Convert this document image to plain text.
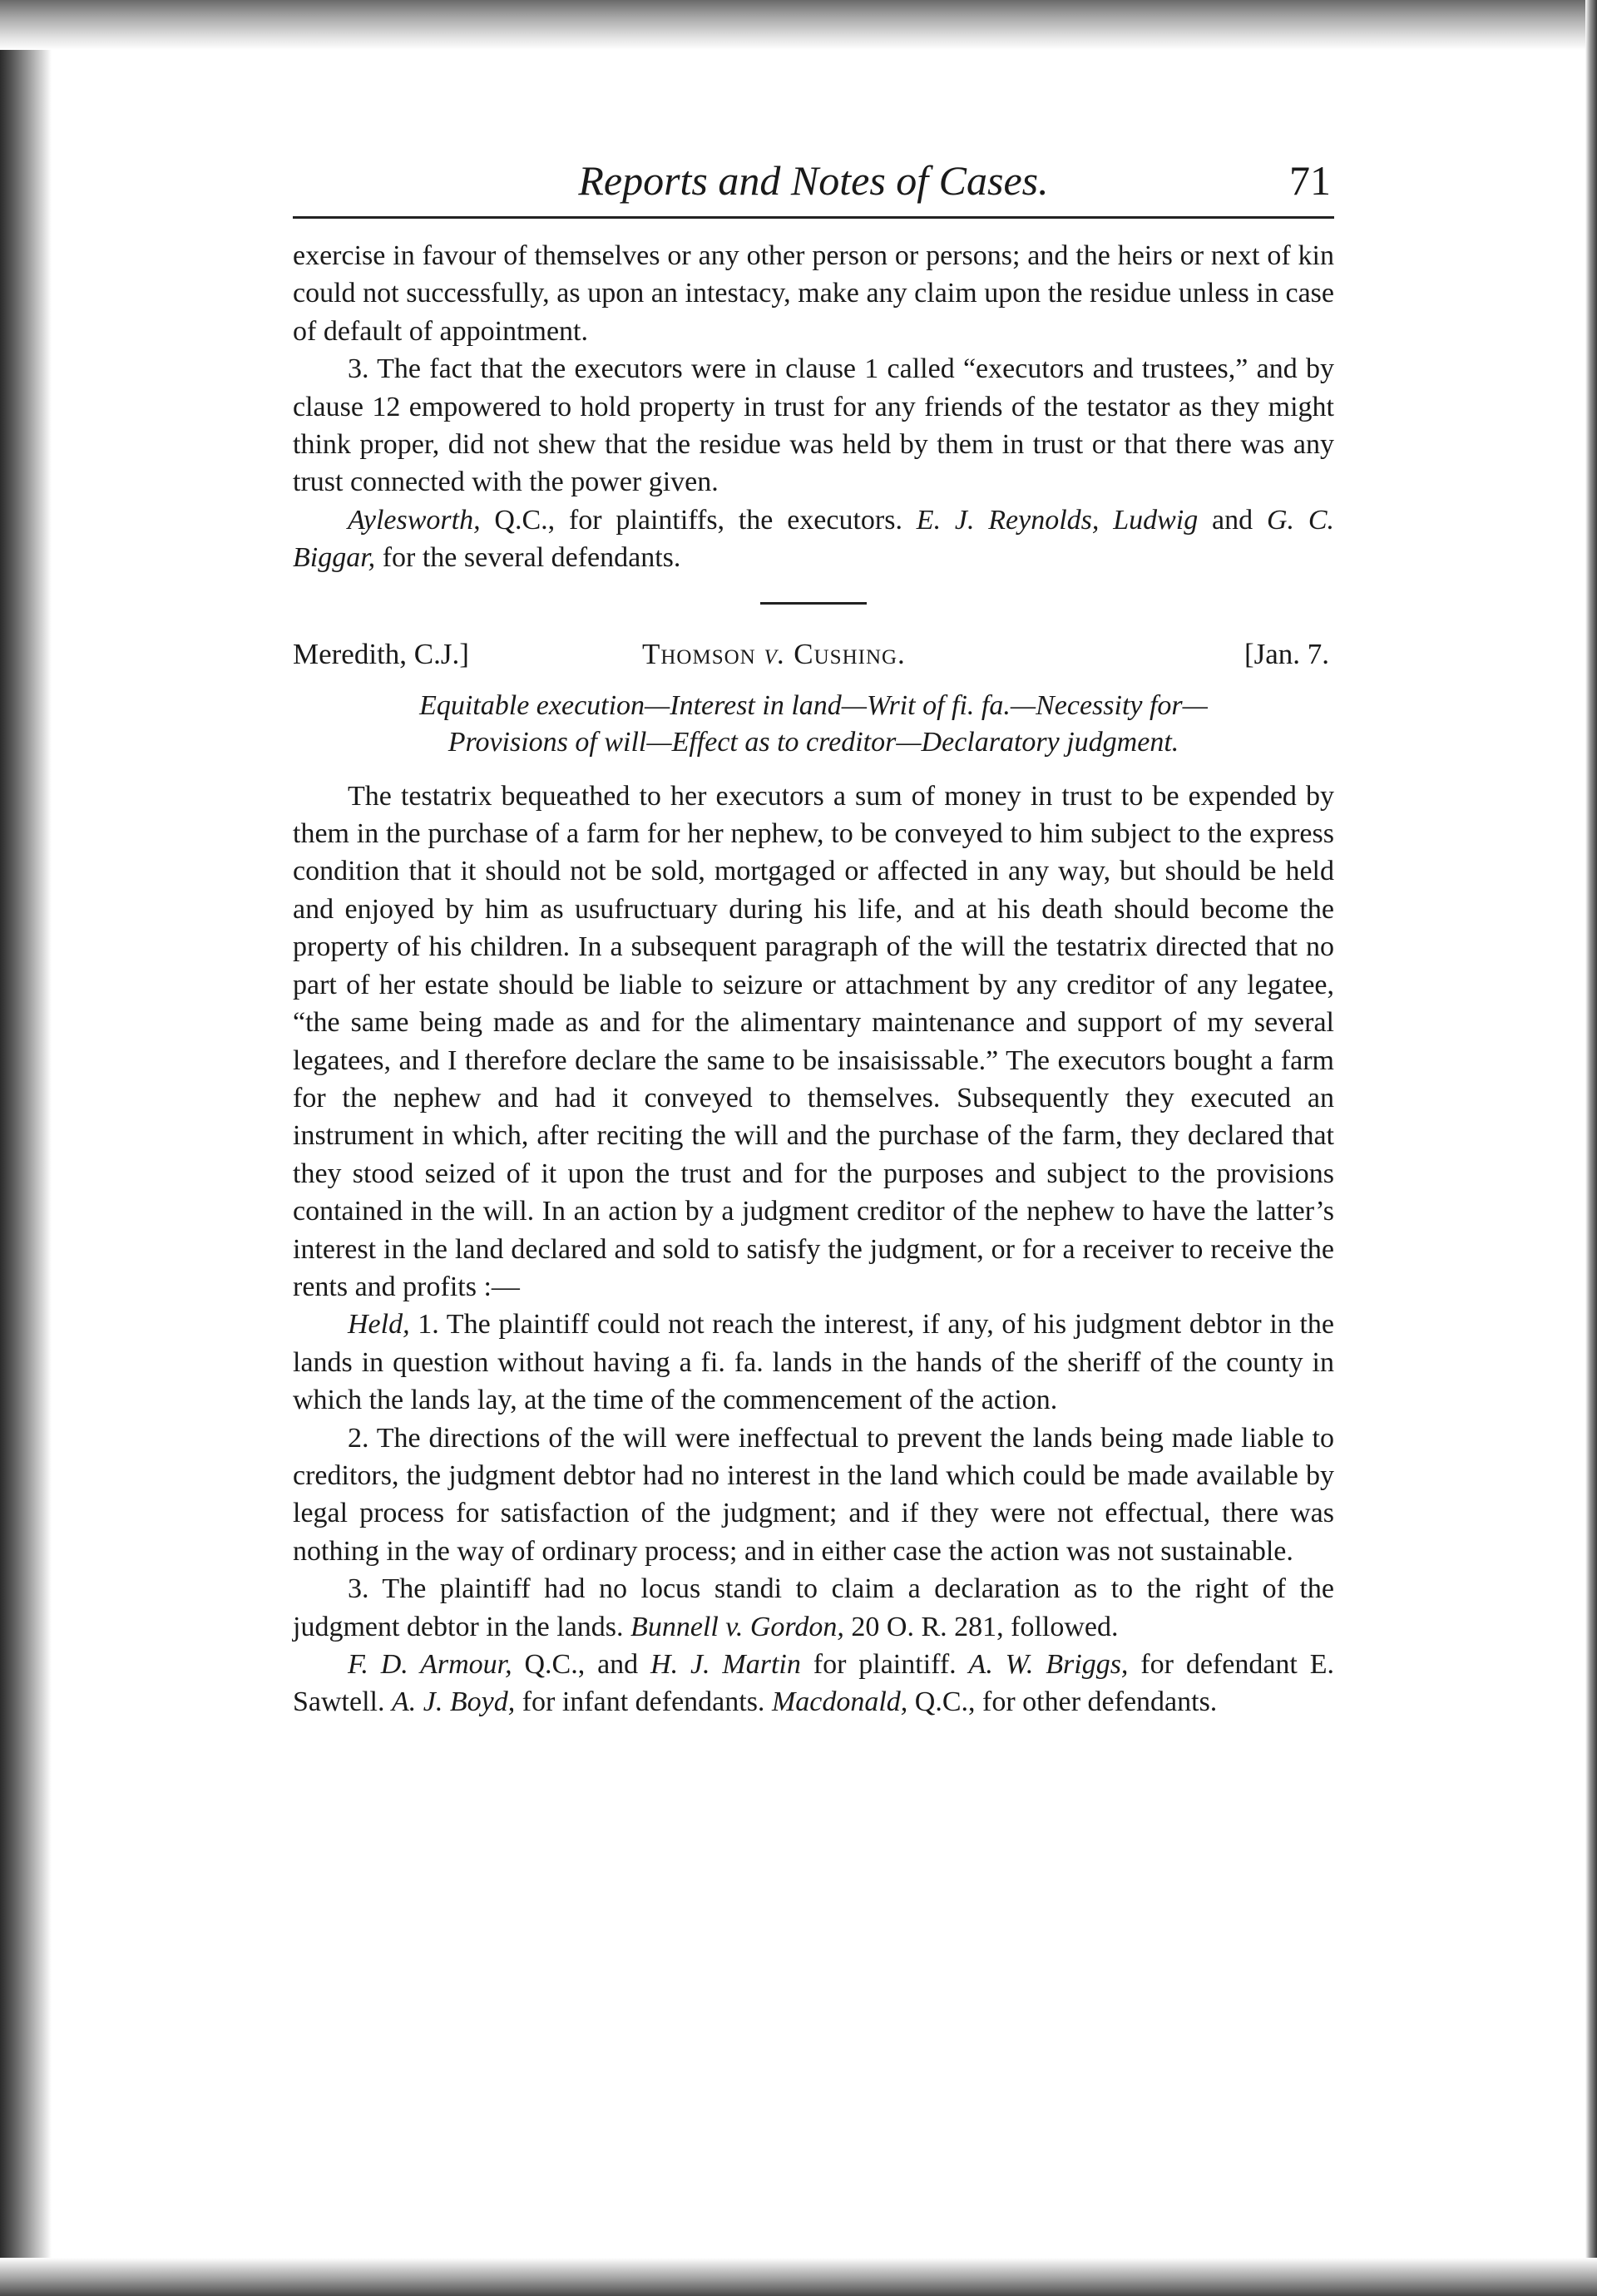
Reports and Notes of Cases.	71

exercise in favour of themselves or any other person or persons; and the heirs or next of kin could not successfully, as upon an intestacy, make any claim upon the residue unless in case of default of appointment.

3. The fact that the executors were in clause 1 called “executors and trustees,” and by clause 12 empowered to hold property in trust for any friends of the testator as they might think proper, did not shew that the residue was held by them in trust or that there was any trust connected with the power given.

Aylesworth, Q.C., for plaintiffs, the executors. E. J. Reynolds, Ludwig and G. C. Biggar, for the several defendants.

Meredith, C.J.]	Thomson v. Cushing.	[Jan. 7.
Equitable execution—Interest in land—Writ of fi. fa.—Necessity for—
Provisions of will—Effect as to creditor—Declaratory judgment.

The testatrix bequeathed to her executors a sum of money in trust to be expended by them in the purchase of a farm for her nephew, to be conveyed to him subject to the express condition that it should not be sold, mortgaged or affected in any way, but should be held and enjoyed by him as usufructuary during his life, and at his death should become the property of his children. In a subsequent paragraph of the will the testatrix directed that no part of her estate should be liable to seizure or attachment by any creditor of any legatee, “the same being made as and for the alimentary maintenance and support of my several legatees, and I therefore declare the same to be insaisissable.” The executors bought a farm for the nephew and had it conveyed to themselves. Subsequently they executed an instrument in which, after reciting the will and the purchase of the farm, they declared that they stood seized of it upon the trust and for the purposes and subject to the provisions contained in the will. In an action by a judgment creditor of the nephew to have the latter’s interest in the land declared and sold to satisfy the judgment, or for a receiver to receive the rents and profits :—

Held, 1. The plaintiff could not reach the interest, if any, of his judgment debtor in the lands in question without having a fi. fa. lands in the hands of the sheriff of the county in which the lands lay, at the time of the commencement of the action.

2. The directions of the will were ineffectual to prevent the lands being made liable to creditors, the judgment debtor had no interest in the land which could be made available by legal process for satisfaction of the judgment; and if they were not effectual, there was nothing in the way of ordinary process; and in either case the action was not sustainable.

3. The plaintiff had no locus standi to claim a declaration as to the right of the judgment debtor in the lands. Bunnell v. Gordon, 20 O. R. 281, followed.

F. D. Armour, Q.C., and H. J. Martin for plaintiff. A. W. Briggs, for defendant E. Sawtell. A. J. Boyd, for infant defendants. Macdonald, Q.C., for other defendants.
